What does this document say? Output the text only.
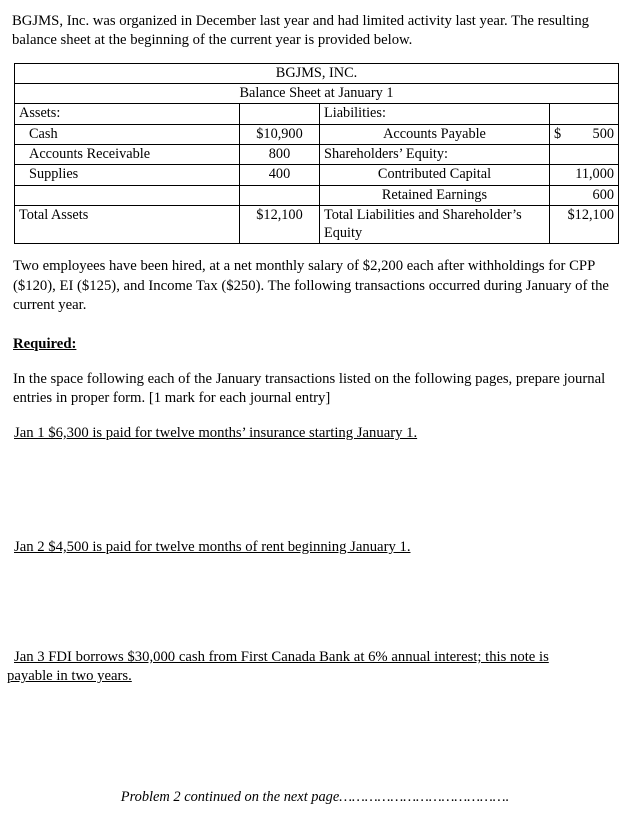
BGJMS, Inc. was organized in December last year and had limited activity last year. The resulting balance sheet at the beginning of the current year is provided below.

BGJMS, INC.			
Balance Sheet at January 1			
Assets:		Liabilities:	
Cash	$10,900	Accounts Payable	$ 500

Accounts Receivable	800	Shareholders’ Equity:	
Supplies	400	Contributed Capital	11,000
		Retained Earnings	600
Total Assets	$12,100	Total Liabilities and Shareholder’s Equity	$12,100

Two employees have been hired, at a net monthly salary of $2,200 each after withholdings for CPP ($120), EI ($125), and Income Tax ($250). The following transactions occurred during January of the current year.

Required:

In the space following each of the January transactions listed on the following pages, prepare journal entries in proper form. [1 mark for each journal entry]

Jan 1 $6,300 is paid for twelve months’ insurance starting January 1.
Jan 2 $4,500 is paid for twelve months of rent beginning January 1.
Jan 3 FDI borrows $30,000 cash from First Canada Bank at 6% annual interest; this note is payable in two years.
Problem 2 continued on the next page………………………………….
